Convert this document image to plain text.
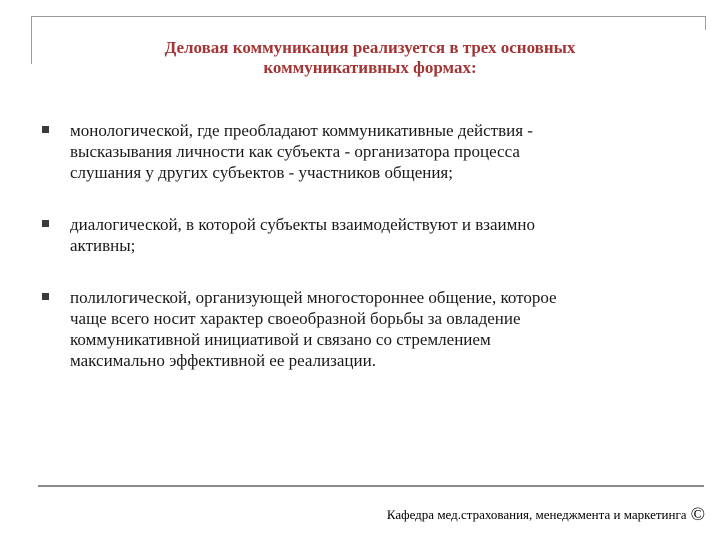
Деловая коммуникация реализуется в трех основных
коммуникативных формах:
монологической, где преобладают коммуникативные действия -
высказывания личности как субъекта - организатора процесса
слушания у других субъектов - участников общения;
диалогической, в которой субъекты взаимодействуют и взаимно
активны;
полилогической, организующей многостороннее общение, которое
чаще всего носит характер своеобразной борьбы за овладение
коммуникативной инициативой и связано со стремлением
максимально эффективной ее реализации.
Кафедра мед.страхования, менеджмента и маркетинга ©
